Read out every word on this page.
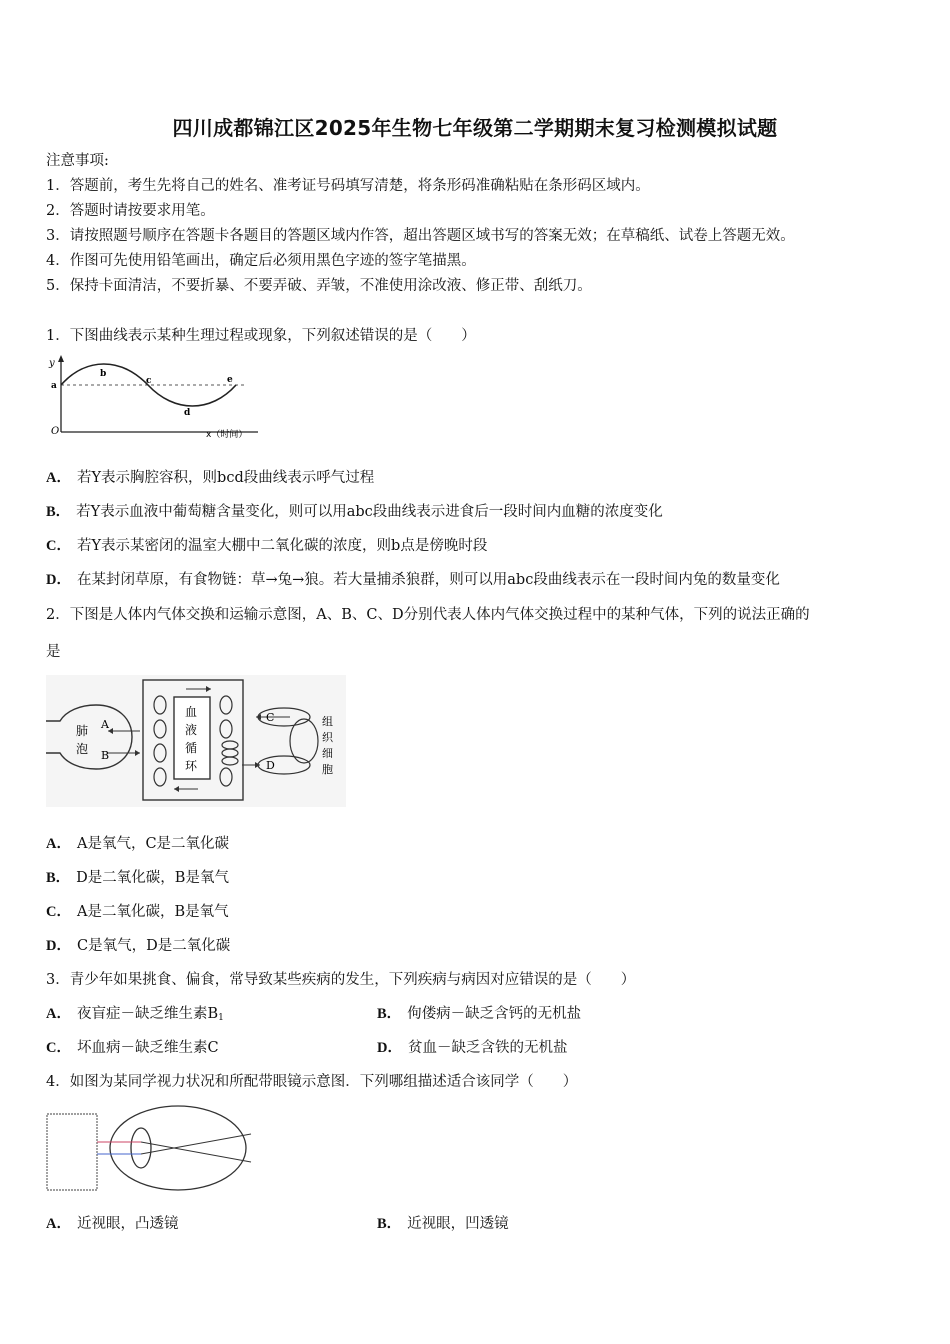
四川成都锦江区2025年生物七年级第二学期期末复习检测模拟试题
注意事项:
1．答题前，考生先将自己的姓名、准考证号码填写清楚，将条形码准确粘贴在条形码区域内。
2．答题时请按要求用笔。
3．请按照题号顺序在答题卡各题目的答题区域内作答，超出答题区域书写的答案无效；在草稿纸、试卷上答题无效。
4．作图可先使用铅笔画出，确定后必须用黑色字迹的签字笔描黑。
5．保持卡面清洁，不要折暴、不要弄破、弄皱，不准使用涂改液、修正带、刮纸刀。
1．下图曲线表示某种生理过程或现象，下列叙述错误的是（　　）
y
O
a
b
c
d
e
x（时间）
A． 若Y表示胸腔容积，则bcd段曲线表示呼气过程
B． 若Y表示血液中葡萄糖含量变化，则可以用abc段曲线表示进食后一段时间内血糖的浓度变化
C． 若Y表示某密闭的温室大棚中二氧化碳的浓度，则b点是傍晚时段
D． 在某封闭草原，有食物链：草→兔→狼。若大量捕杀狼群，则可以用abc段曲线表示在一段时间内兔的数量变化
2．下图是人体内气体交换和运输示意图，A、B、C、D分别代表人体内气体交换过程中的某种气体，下列的说法正确的
是
肺
泡
A
B
血
液
循
环
C
D
组
织
细
胞
A． A是氧气，C是二氧化碳
B． D是二氧化碳，B是氧气
C． A是二氧化碳，B是氧气
D． C是氧气，D是二氧化碳
3．青少年如果挑食、偏食，常导致某些疾病的发生，下列疾病与病因对应错误的是（　　）
A． 夜盲症－缺乏维生素$B_1$	B． 佝偻病－缺乏含钙的无机盐
C． 坏血病－缺乏维生素C	D． 贫血－缺乏含铁的无机盐
4．如图为某同学视力状况和所配带眼镜示意图．下列哪组描述适合该同学（　　）
A． 近视眼，凸透镜	B． 近视眼，凹透镜
